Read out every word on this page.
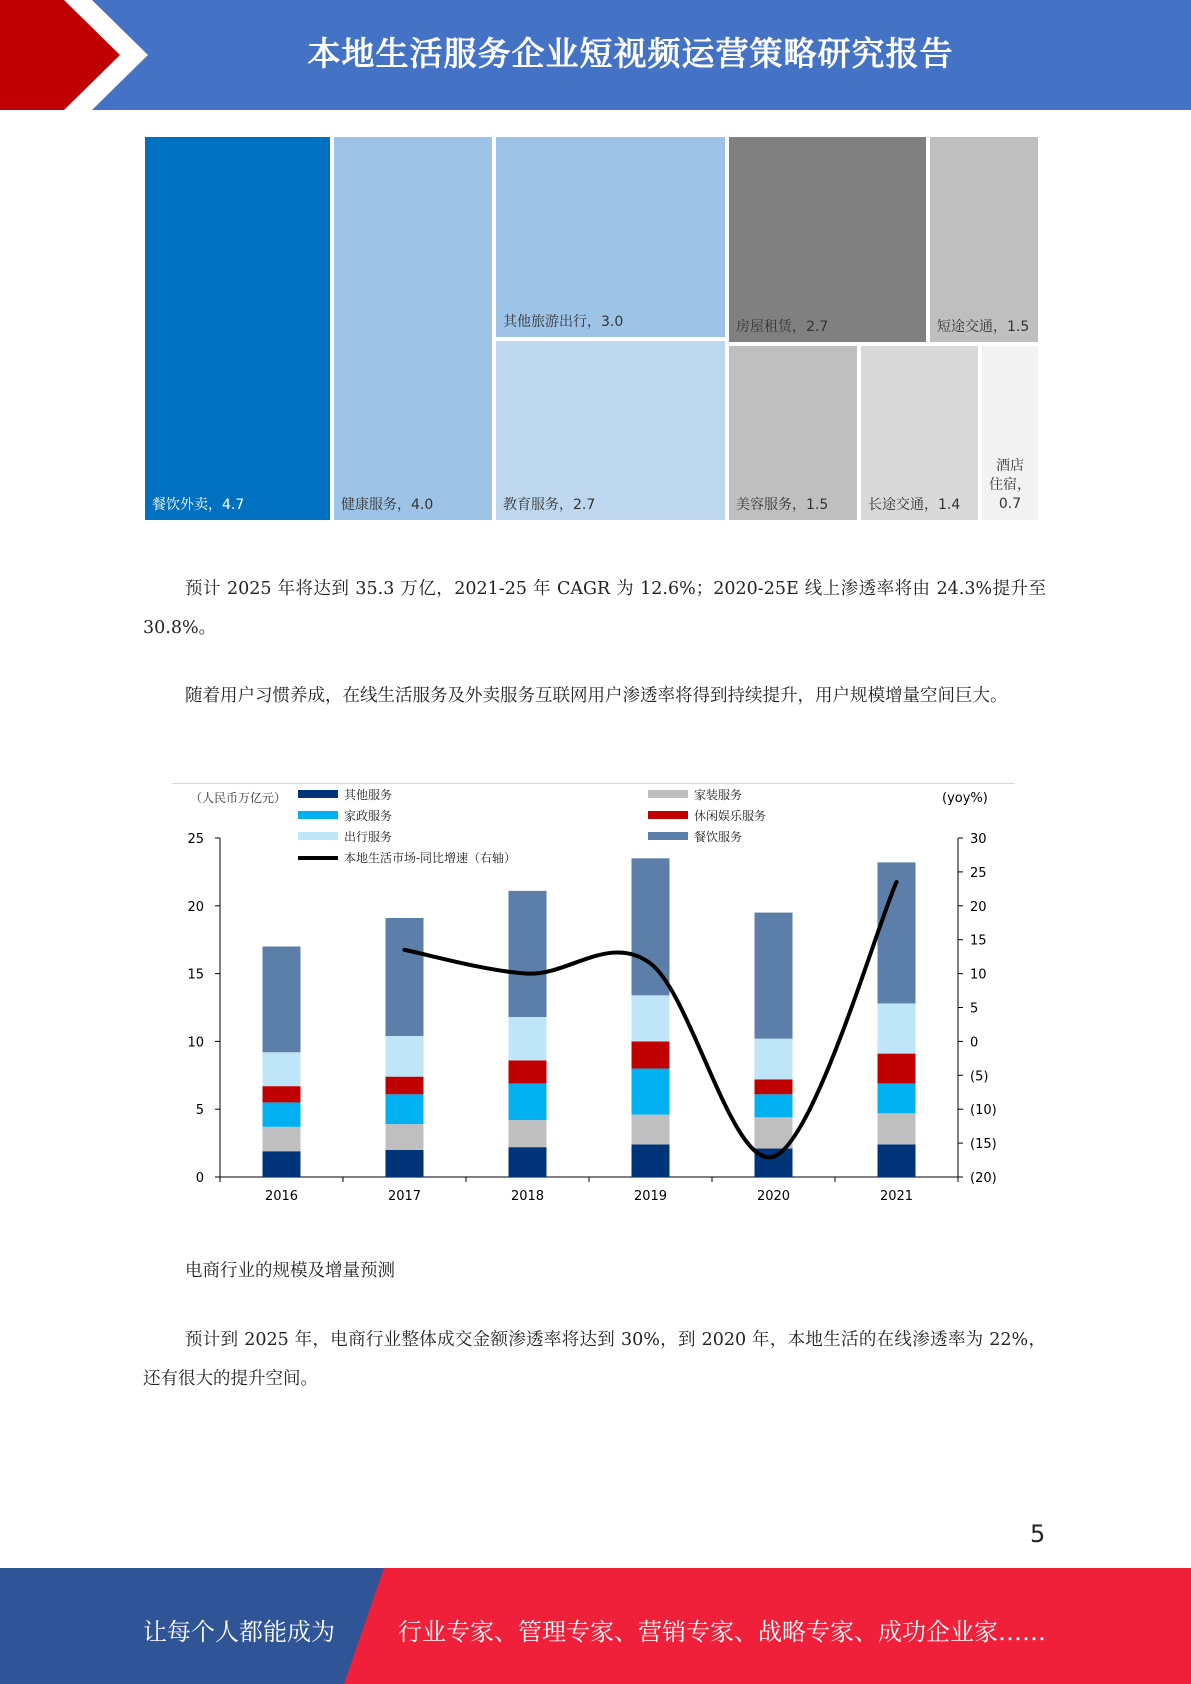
本地生活服务企业短视频运营策略研究报告
餐饮外卖，4.7	健康服务，4.0
其他旅游出行，3.0
教育服务，2.7
房屋租赁，2.7	短途交通，1.5
美容服务，1.5	长途交通，1.4
酒店
住宿，
0.7
预计 2025 年将达到 35.3 万亿，2021-25 年 CAGR 为 12.6%；2020-25E 线上渗透率将由 24.3%提升至 30.8%。
随着用户习惯养成，在线生活服务及外卖服务互联网用户渗透率将得到持续提升，用户规模增量空间巨大。
0
5
10
15
20
25
(20)
(15)
(10)
(5)
0
5
10
15
20
25
30
2016	2017	2018	2019	2020	2021
（人民币万亿元）	(yoy%)
其他服务
家政服务
出行服务
家装服务
休闲娱乐服务
餐饮服务
本地生活市场-同比增速（右轴）
电商行业的规模及增量预测
预计到 2025 年，电商行业整体成交金额渗透率将达到 30%，到 2020 年，本地生活的在线渗透率为 22%，还有很大的提升空间。
5
让每个人都能成为	行业专家、管理专家、营销专家、战略专家、成功企业家……
